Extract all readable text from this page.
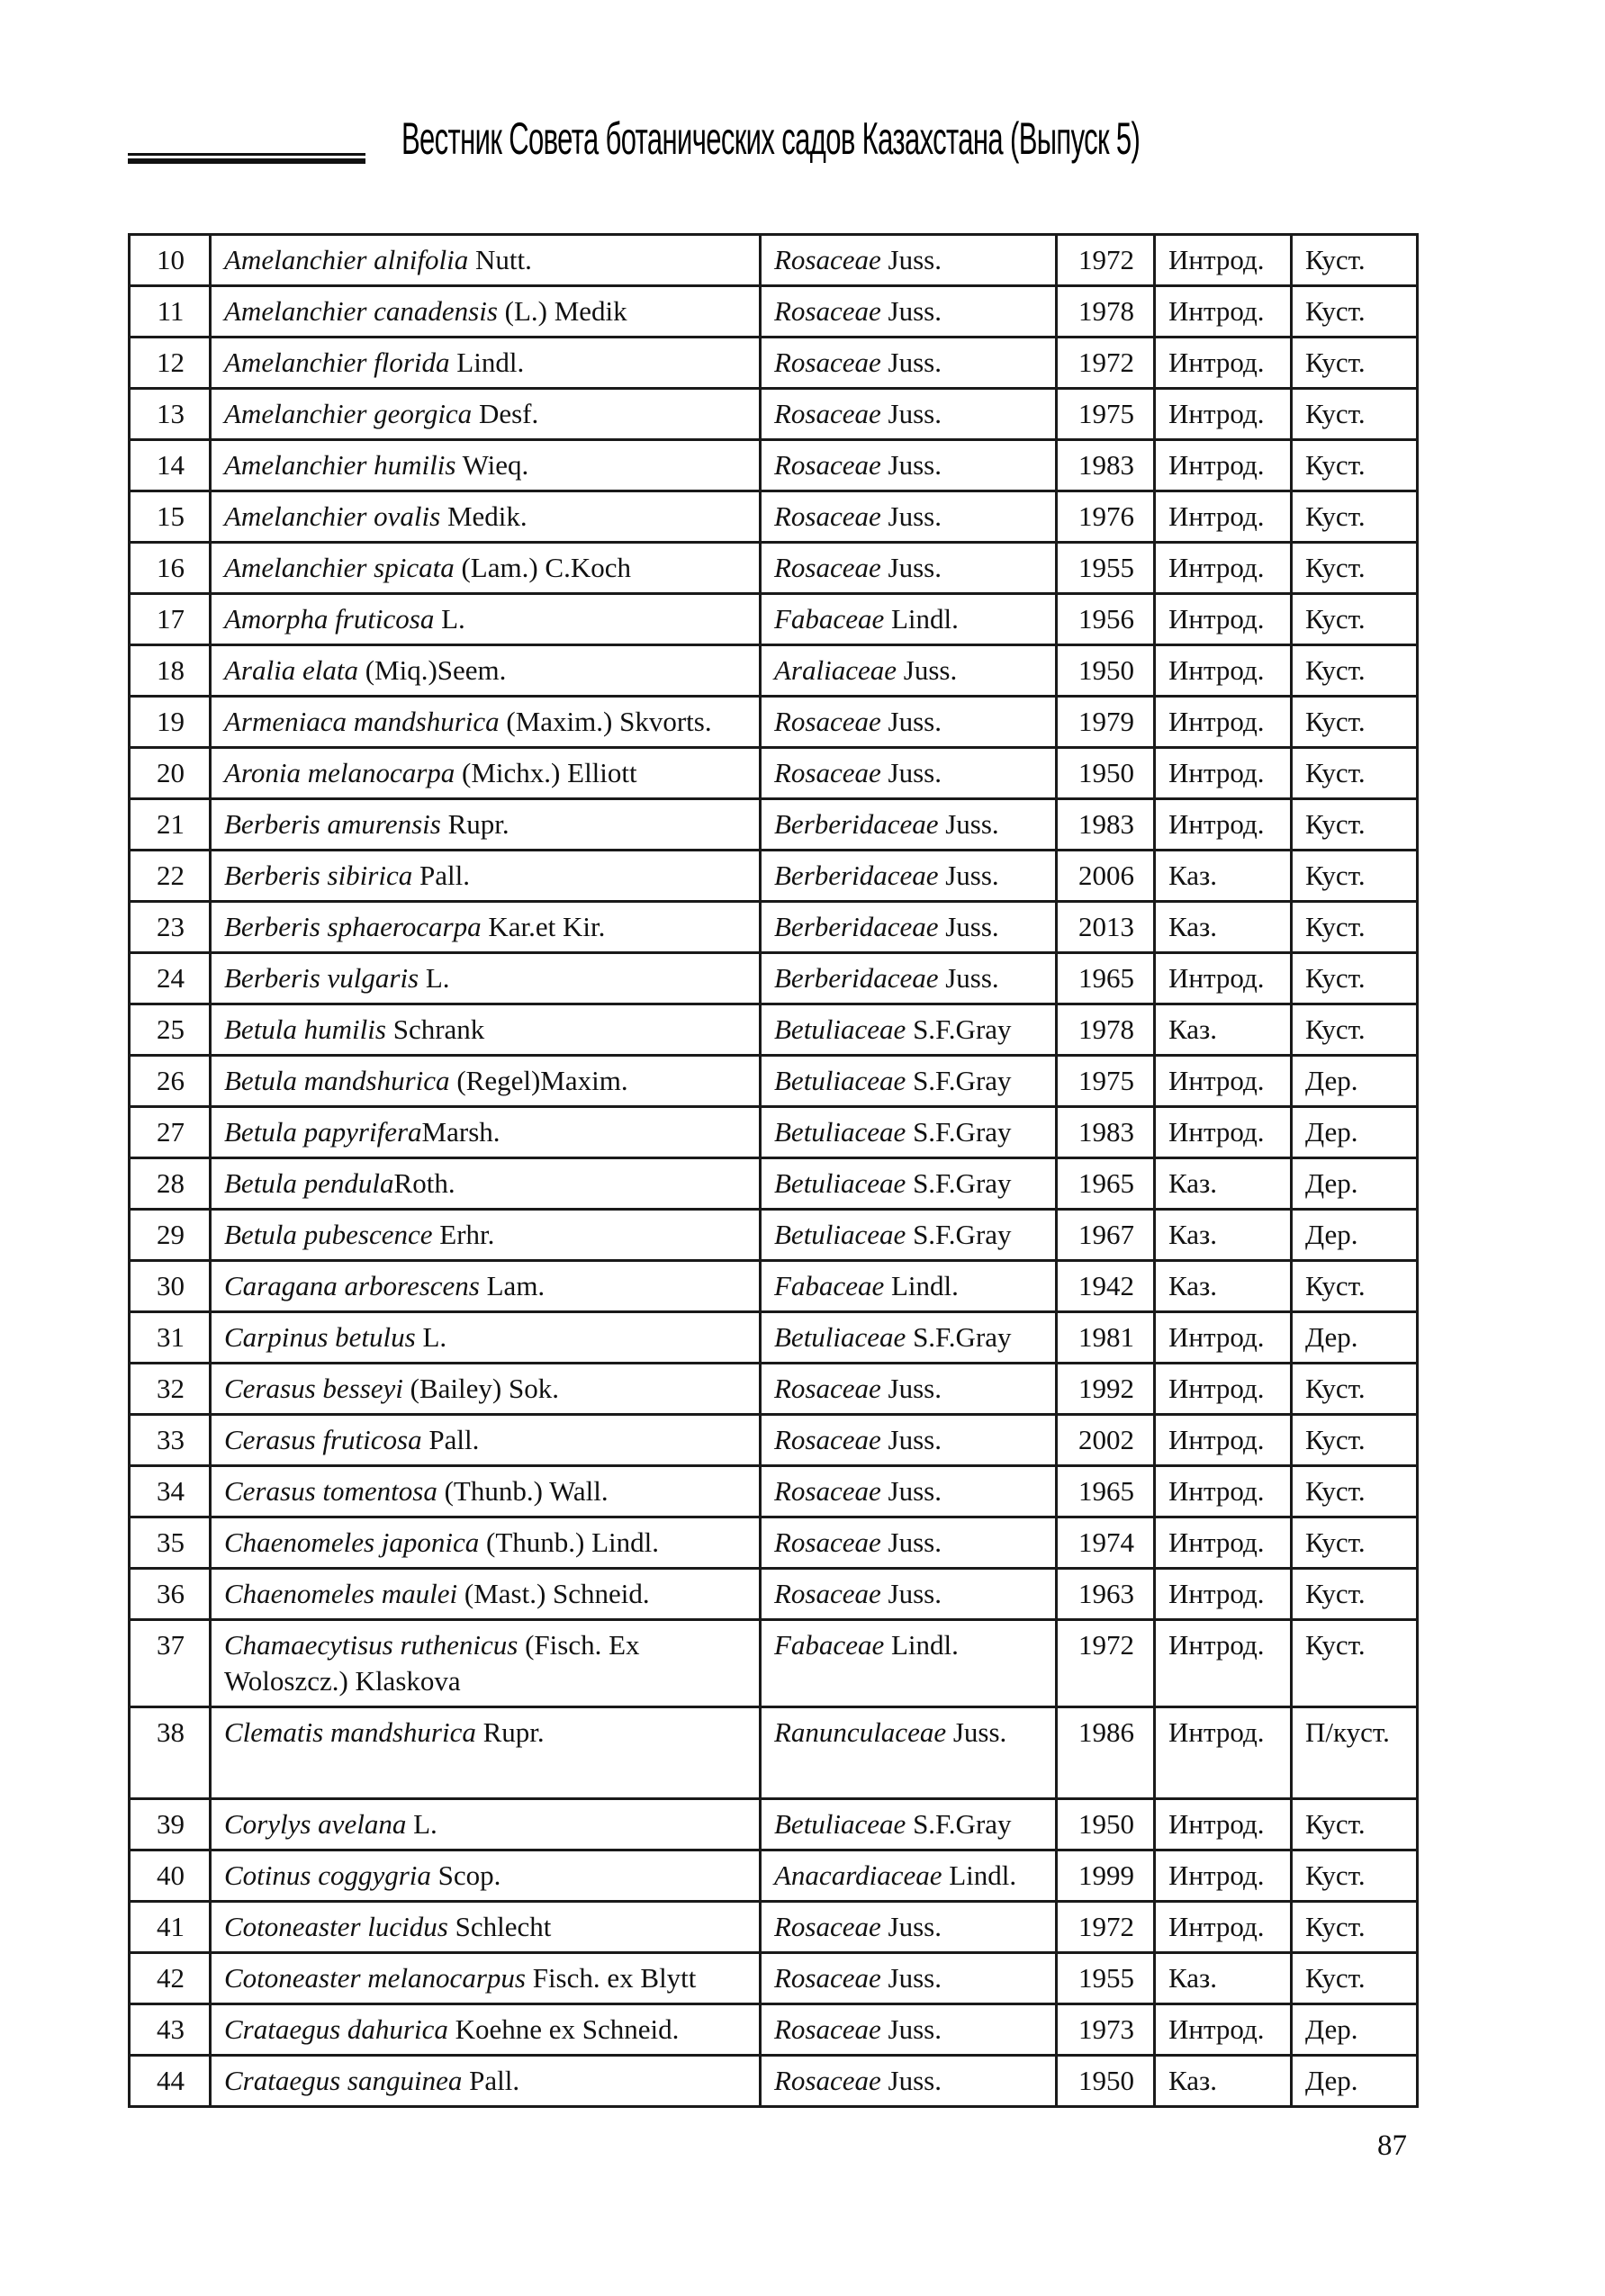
Вестник Совета ботанических садов Казахстана (Выпуск 5)
10	Amelanchier alnifolia Nutt.	Rosaceae Juss.	1972	Интрод.	Куст.
11	Amelanchier canadensis (L.) Medik	Rosaceae Juss.	1978	Интрод.	Куст.
12	Amelanchier florida Lindl.	Rosaceae Juss.	1972	Интрод.	Куст.
13	Amelanchier georgica Desf.	Rosaceae Juss.	1975	Интрод.	Куст.
14	Amelanchier humilis Wieq.	Rosaceae Juss.	1983	Интрод.	Куст.
15	Amelanchier ovalis Medik.	Rosaceae Juss.	1976	Интрод.	Куст.
16	Amelanchier spicata (Lam.) C.Koch	Rosaceae Juss.	1955	Интрод.	Куст.
17	Amorpha fruticosa L.	Fabaceae Lindl.	1956	Интрод.	Куст.
18	Aralia elata (Miq.)Seem.	Araliaceae Juss.	1950	Интрод.	Куст.
19	Armeniaca mandshurica (Maxim.) Skvorts.	Rosaceae Juss.	1979	Интрод.	Куст.
20	Aronia melanocarpa (Michx.) Elliott	Rosaceae Juss.	1950	Интрод.	Куст.
21	Berberis amurensis Rupr.	Berberidaceae Juss.	1983	Интрод.	Куст.
22	Berberis sibirica Pall.	Berberidaceae Juss.	2006	Каз.	Куст.
23	Berberis sphaerocarpa Kar.et Kir.	Berberidaceae Juss.	2013	Каз.	Куст.
24	Berberis vulgaris L.	Berberidaceae Juss.	1965	Интрод.	Куст.
25	Betula humilis Schrank	Betuliaceae S.F.Gray	1978	Каз.	Куст.
26	Betula mandshurica (Regel)Maxim.	Betuliaceae S.F.Gray	1975	Интрод.	Дер.
27	Betula papyriferaMarsh.	Betuliaceae S.F.Gray	1983	Интрод.	Дер.
28	Betula pendulaRoth.	Betuliaceae S.F.Gray	1965	Каз.	Дер.
29	Betula pubescence Erhr.	Betuliaceae S.F.Gray	1967	Каз.	Дер.
30	Caragana arborescens Lam.	Fabaceae Lindl.	1942	Каз.	Куст.
31	Carpinus betulus L.	Betuliaceae S.F.Gray	1981	Интрод.	Дер.
32	Cerasus besseyi (Bailey) Sok.	Rosaceae Juss.	1992	Интрод.	Куст.
33	Cerasus fruticosa Pall.	Rosaceae Juss.	2002	Интрод.	Куст.
34	Cerasus tomentosa (Thunb.) Wall.	Rosaceae Juss.	1965	Интрод.	Куст.
35	Chaenomeles japonica (Thunb.) Lindl.	Rosaceae Juss.	1974	Интрод.	Куст.
36	Chaenomeles maulei (Mast.) Schneid.	Rosaceae Juss.	1963	Интрод.	Куст.
37	Chamaecytisus ruthenicus (Fisch. Ex Woloszcz.) Klaskova	Fabaceae Lindl.	1972	Интрод.	Куст.
38	Clematis mandshurica Rupr.	Ranunculaceae Juss.	1986	Интрод.	П/куст.
39	Corylys avelana L.	Betuliaceae S.F.Gray	1950	Интрод.	Куст.
40	Cotinus coggygria Scop.	Anacardiaceae Lindl.	1999	Интрод.	Куст.
41	Cotoneaster lucidus Schlecht	Rosaceae Juss.	1972	Интрод.	Куст.
42	Cotoneaster melanocarpus Fisch. ex Blytt	Rosaceae Juss.	1955	Каз.	Куст.
43	Crataegus dahurica Koehne ex Schneid.	Rosaceae Juss.	1973	Интрод.	Дер.
44	Crataegus sanguinea Pall.	Rosaceae Juss.	1950	Каз.	Дер.
87
